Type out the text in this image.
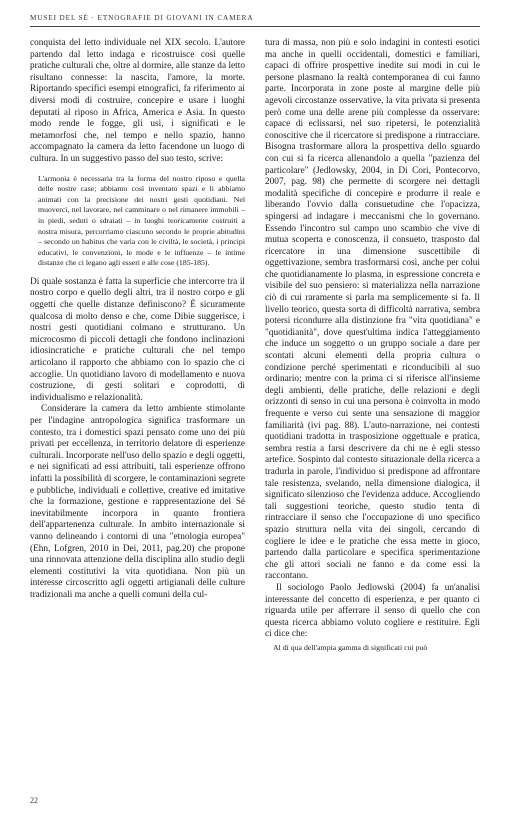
MUSEI DEL SÉ · ETNOGRAFIE DI GIOVANI IN CAMERA

conquista del letto individuale nel XIX secolo. L'autore partendo dal letto indaga e ricostruisce così quelle pratiche culturali che, oltre al dormire, alle stanze da letto risultano connesse: la nascita, l'amore, la morte. Riportando specifici esempi etnografici, fa riferimento ai diversi modi di costruire, concepire e usare i luoghi deputati al riposo in Africa, America e Asia. In questo modo rende le fogge, gli usi, i significati e le metamorfosi che, nel tempo e nello spazio, hanno accompagnato la camera da letto facendone un luogo di cultura. In un suggestivo passo del suo testo, scrive:

L'armonia è necessaria tra la forma del nostro riposo e quella delle nostre case; abbiamo così inventato spazi e li abbiamo animati con la precisione dei nostri gesti quotidiani. Nel muoverci, nel lavorare, nel camminare o nel rimanere immobili – in piedi, seduti o sdraiati – in luoghi teoricamente costruiti a nostra misura, percorriamo ciascuno secondo le proprie abitudini – secondo un habitus che varia con le civiltà, le società, i principi educativi, le convenzioni, le mode e le influenze – le intime distanze che ci legano agli esseri e alle cose (185-185).

Di quale sostanza è fatta la superficie che intercorre tra il nostro corpo e quello degli altri, tra il nostro corpo e gli oggetti che quelle distanze definiscono? È sicuramente qualcosa di molto denso e che, come Dibie suggerisce, i nostri gesti quotidiani colmano e strutturano. Un microcosmo di piccoli dettagli che fondono inclinazioni idiosincratiche e pratiche culturali che nel tempo articolano il rapporto che abbiamo con lo spazio che ci accoglie. Un quotidiano lavoro di modellamento e nuova costruzione, di gesti solitari e coprodotti, di individualismo e relazionalità.

Considerare la camera da letto ambiente stimolante per l'indagine antropologica significa trasformare un contesto, tra i domestici spazi pensato come uno dei più privati per eccellenza, in territorio delatore di esperienze culturali. Incorporate nell'uso dello spazio e degli oggetti, e nei significati ad essi attribuiti, tali esperienze offrono infatti la possibilità di scorgere, le contaminazioni segrete e pubbliche, individuali e collettive, creative ed imitative che la formazione, gestione e rappresentazione del Sé inevitabilmente incorpora in quanto frontiera dell'appartenenza culturale. In ambito internazionale si vanno delineando i contorni di una "etnologia europea" (Ehn, Lofgren, 2010 in Dei, 2011, pag.20) che propone una rinnovata attenzione della disciplina allo studio degli elementi costitutivi la vita quotidiana. Non più un interesse circoscritto agli oggetti artigianali delle culture tradizionali ma anche a quelli comuni della cul-

tura di massa, non più e solo indagini in contesti esotici ma anche in quelli occidentali, domestici e familiari, capaci di offrire prospettive inedite sui modi in cui le persone plasmano la realtà contemporanea di cui fanno parte. Incorporata in zone poste al margine delle più agevoli circostanze osservative, la vita privata si presenta però come una delle arene più complesse da osservare: capace di eclissarsi, nel suo ripetersi, le potenzialità conoscitive che il ricercatore si predispone a rintracciare. Bisogna trasformare allora la prospettiva dello sguardo con cui si fa ricerca allenandolo a quella "pazienza del particolare" (Jedlowsky, 2004, in Di Cori, Pontecorvo, 2007, pag. 98) che permette di scorgere nei dettagli modalità specifiche di concepire e produrre il reale e liberando l'ovvio dalla consuetudine che l'opacizza, spingersi ad indagare i meccanismi che lo governano. Essendo l'incontro sul campo uno scambio che vive di mutua scoperta e conoscenza, il consueto, trasposto dal ricercatore in una dimensione suscettibile di oggettivazione, sembra trasformarsi così, anche per colui che quotidianamente lo plasma, in espressione concreta e visibile del suo pensiero: si materializza nella narrazione ciò di cui raramente si parla ma semplicemente si fa. Il livello teorico, questa sorta di difficoltà narrativa, sembra potersi ricondurre alla distinzione fra "vita quotidiana" e "quotidianità", dove quest'ultima indica l'atteggiamento che induce un soggetto o un gruppo sociale a dare per scontati alcuni elementi della propria cultura o condizione perché sperimentati e riconducibili al suo ordinario; mentre con la prima ci si riferisce all'insieme degli ambienti, delle pratiche, delle relazioni e degli orizzonti di senso in cui una persona è coinvolta in modo frequente e verso cui sente una sensazione di maggior familiarità (ivi pag. 88). L'auto-narrazione, nei contesti quotidiani tradotta in trasposizione oggettuale e pratica, sembra restia a farsi descrivere da chi ne è egli stesso artefice. Sospinto dal contesto situazionale della ricerca a tradurla in parole, l'individuo si predispone ad affrontare tale resistenza, svelando, nella dimensione dialogica, il significato silenzioso che l'evidenza adduce. Accogliendo tali suggestioni teoriche, questo studio tenta di rintracciare il senso che l'occupazione di uno specifico spazio struttura nella vita dei singoli, cercando di cogliere le idee e le pratiche che essa mette in gioco, partendo dalla particolare e specifica sperimentazione che gli attori sociali ne fanno e da come essi la raccontano.

Il sociologo Paolo Jedlowski (2004) fa un'analisi interessante del concetto di esperienza, e per quanto ci riguarda utile per afferrare il senso di quello che con questa ricerca abbiamo voluto cogliere e restituire. Egli ci dice che:

Al di qua dell'ampia gamma di significati cui può
22
